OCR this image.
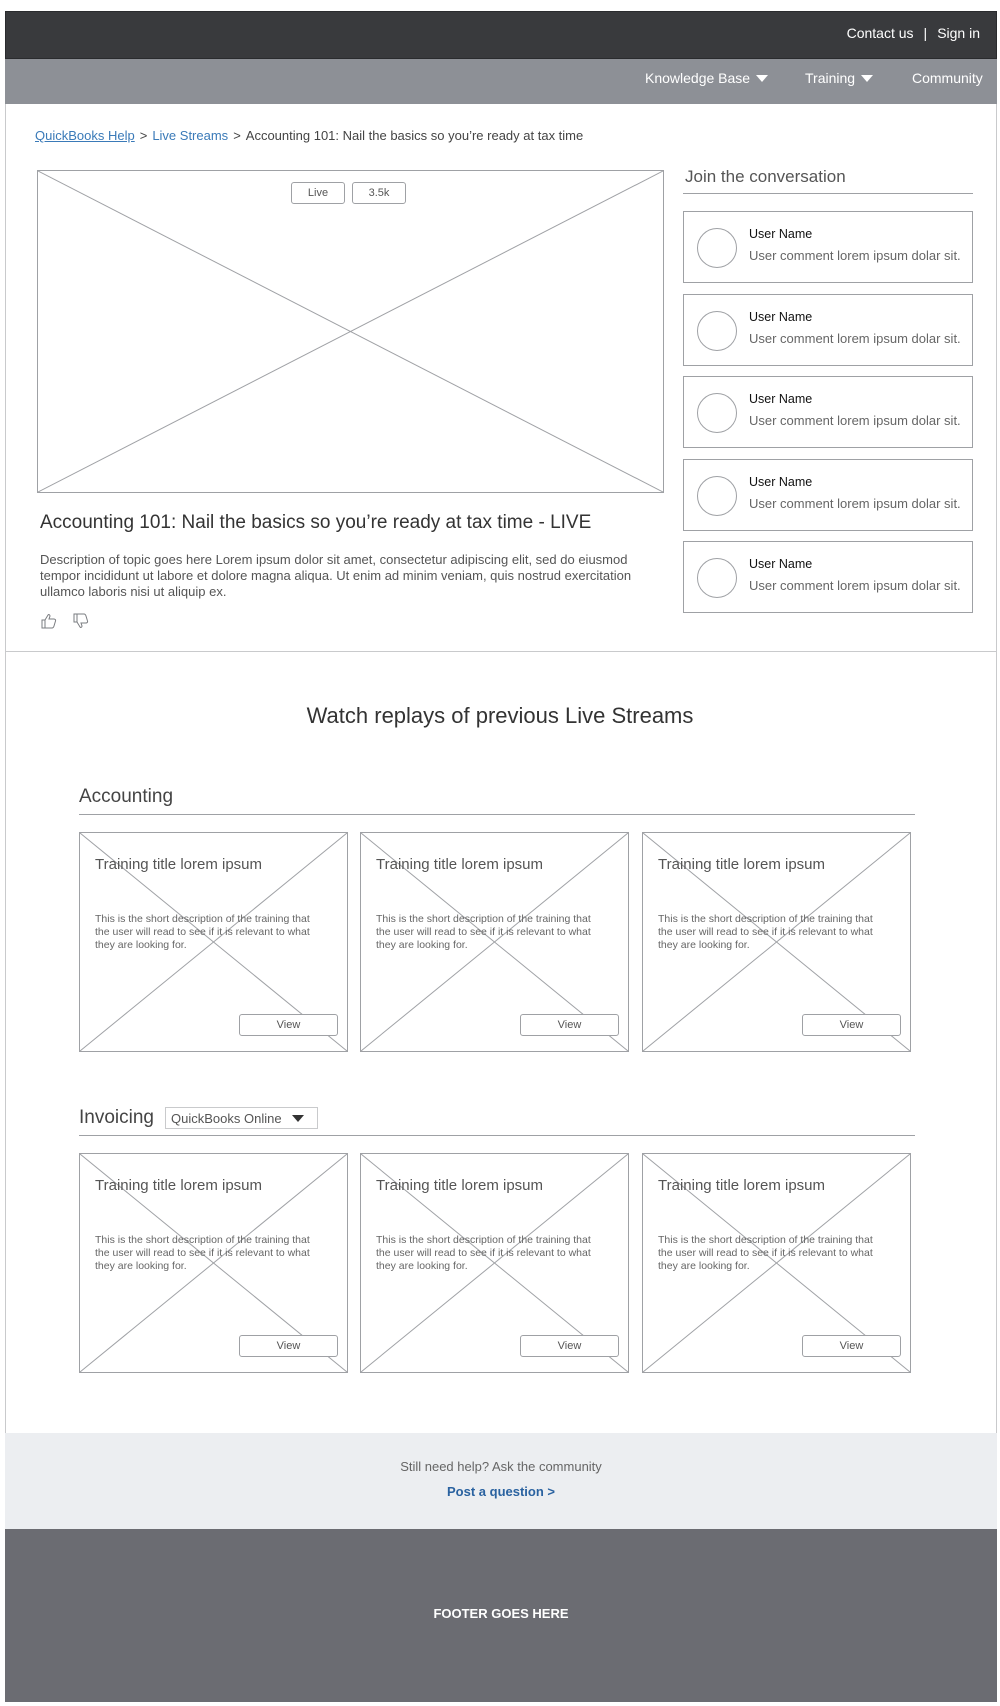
Contact us | Sign in
Knowledge Base	Training	Community
QuickBooks Help > Live Streams > Accounting 101: Nail the basics so you’re ready at tax time
Live	3.5k
Accounting 101: Nail the basics so you’re ready at tax time - LIVE
Description of topic goes here Lorem ipsum dolor sit amet, consectetur adipiscing elit, sed do eiusmod tempor incididunt ut labore et dolore magna aliqua. Ut enim ad minim veniam, quis nostrud exercitation ullamco laboris nisi ut aliquip ex.
Join the conversation
User Name
User comment lorem ipsum dolar sit.
User Name
User comment lorem ipsum dolar sit.
User Name
User comment lorem ipsum dolar sit.
User Name
User comment lorem ipsum dolar sit.
User Name
User comment lorem ipsum dolar sit.
Watch replays of previous Live Streams
Accounting
Training title lorem ipsum
This is the short description of the training that the user will read to see if it is relevant to what they are looking for.
View
Training title lorem ipsum
This is the short description of the training that the user will read to see if it is relevant to what they are looking for.
View
Training title lorem ipsum
This is the short description of the training that the user will read to see if it is relevant to what they are looking for.
View
Invoicing QuickBooks Online
Training title lorem ipsum
This is the short description of the training that the user will read to see if it is relevant to what they are looking for.
View
Training title lorem ipsum
This is the short description of the training that the user will read to see if it is relevant to what they are looking for.
View
Training title lorem ipsum
This is the short description of the training that the user will read to see if it is relevant to what they are looking for.
View
Still need help? Ask the community
Post a question >
FOOTER GOES HERE
